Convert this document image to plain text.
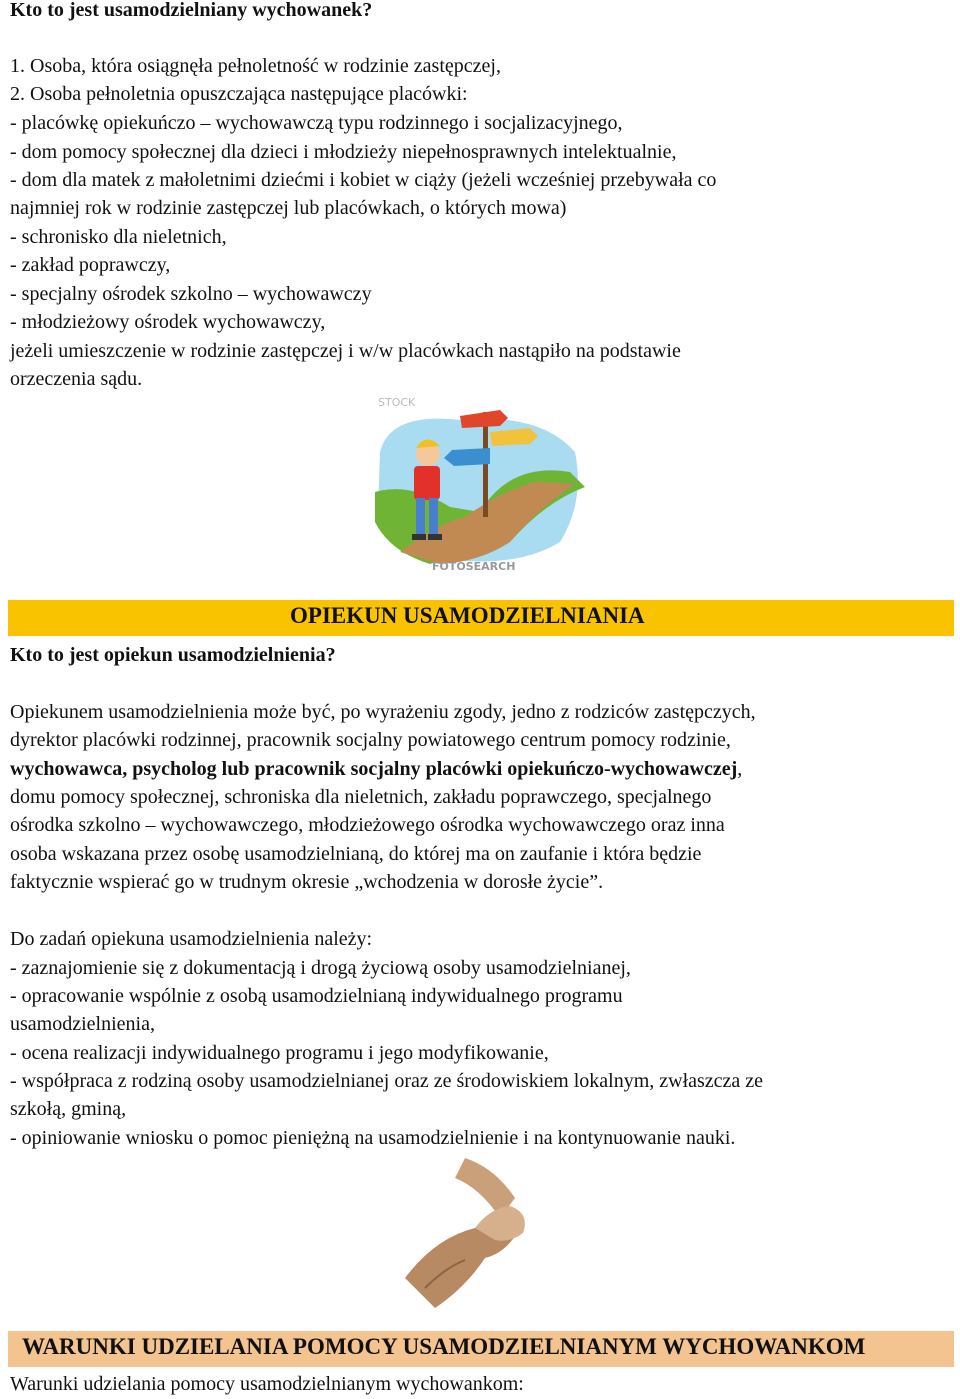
Kto to jest usamodzielniany wychowanek?
1. Osoba, która osiągnęła pełnoletność w rodzinie zastępczej,
2. Osoba pełnoletnia opuszczająca następujące placówki:
- placówkę opiekuńczo – wychowawczą typu rodzinnego i socjalizacyjnego,
- dom pomocy społecznej dla dzieci i młodzieży niepełnosprawnych intelektualnie,
- dom dla matek z małoletnimi dziećmi i kobiet w ciąży (jeżeli wcześniej przebywała co
najmniej rok w rodzinie zastępczej lub placówkach, o których mowa)
- schronisko dla nieletnich,
- zakład poprawczy,
- specjalny ośrodek szkolno – wychowawczy
- młodzieżowy ośrodek wychowawczy,
jeżeli umieszczenie w rodzinie zastępczej i w/w placówkach nastąpiło na podstawie
orzeczenia sądu.
STOCK
FOTOSEARCH
OPIEKUN USAMODZIELNIANIA
Kto to jest opiekun usamodzielnienia?
Opiekunem usamodzielnienia może być, po wyrażeniu zgody, jedno z rodziców zastępczych,
dyrektor placówki rodzinnej, pracownik socjalny powiatowego centrum pomocy rodzinie,
wychowawca, psycholog lub pracownik socjalny placówki opiekuńczo-wychowawczej,
domu pomocy społecznej, schroniska dla nieletnich, zakładu poprawczego, specjalnego
ośrodka szkolno – wychowawczego, młodzieżowego ośrodka wychowawczego oraz inna
osoba wskazana przez osobę usamodzielnianą, do której ma on zaufanie i która będzie
faktycznie wspierać go w trudnym okresie „wchodzenia w dorosłe życie”.
Do zadań opiekuna usamodzielnienia należy:
- zaznajomienie się z dokumentacją i drogą życiową osoby usamodzielnianej,
- opracowanie wspólnie z osobą usamodzielnianą indywidualnego programu
usamodzielnienia,
- ocena realizacji indywidualnego programu i jego modyfikowanie,
- współpraca z rodziną osoby usamodzielnianej oraz ze środowiskiem lokalnym, zwłaszcza ze
szkołą, gminą,
- opiniowanie wniosku o pomoc pieniężną na usamodzielnienie i na kontynuowanie nauki.
WARUNKI UDZIELANIA POMOCY USAMODZIELNIANYM WYCHOWANKOM
Warunki udzielania pomocy usamodzielnianym wychowankom:
